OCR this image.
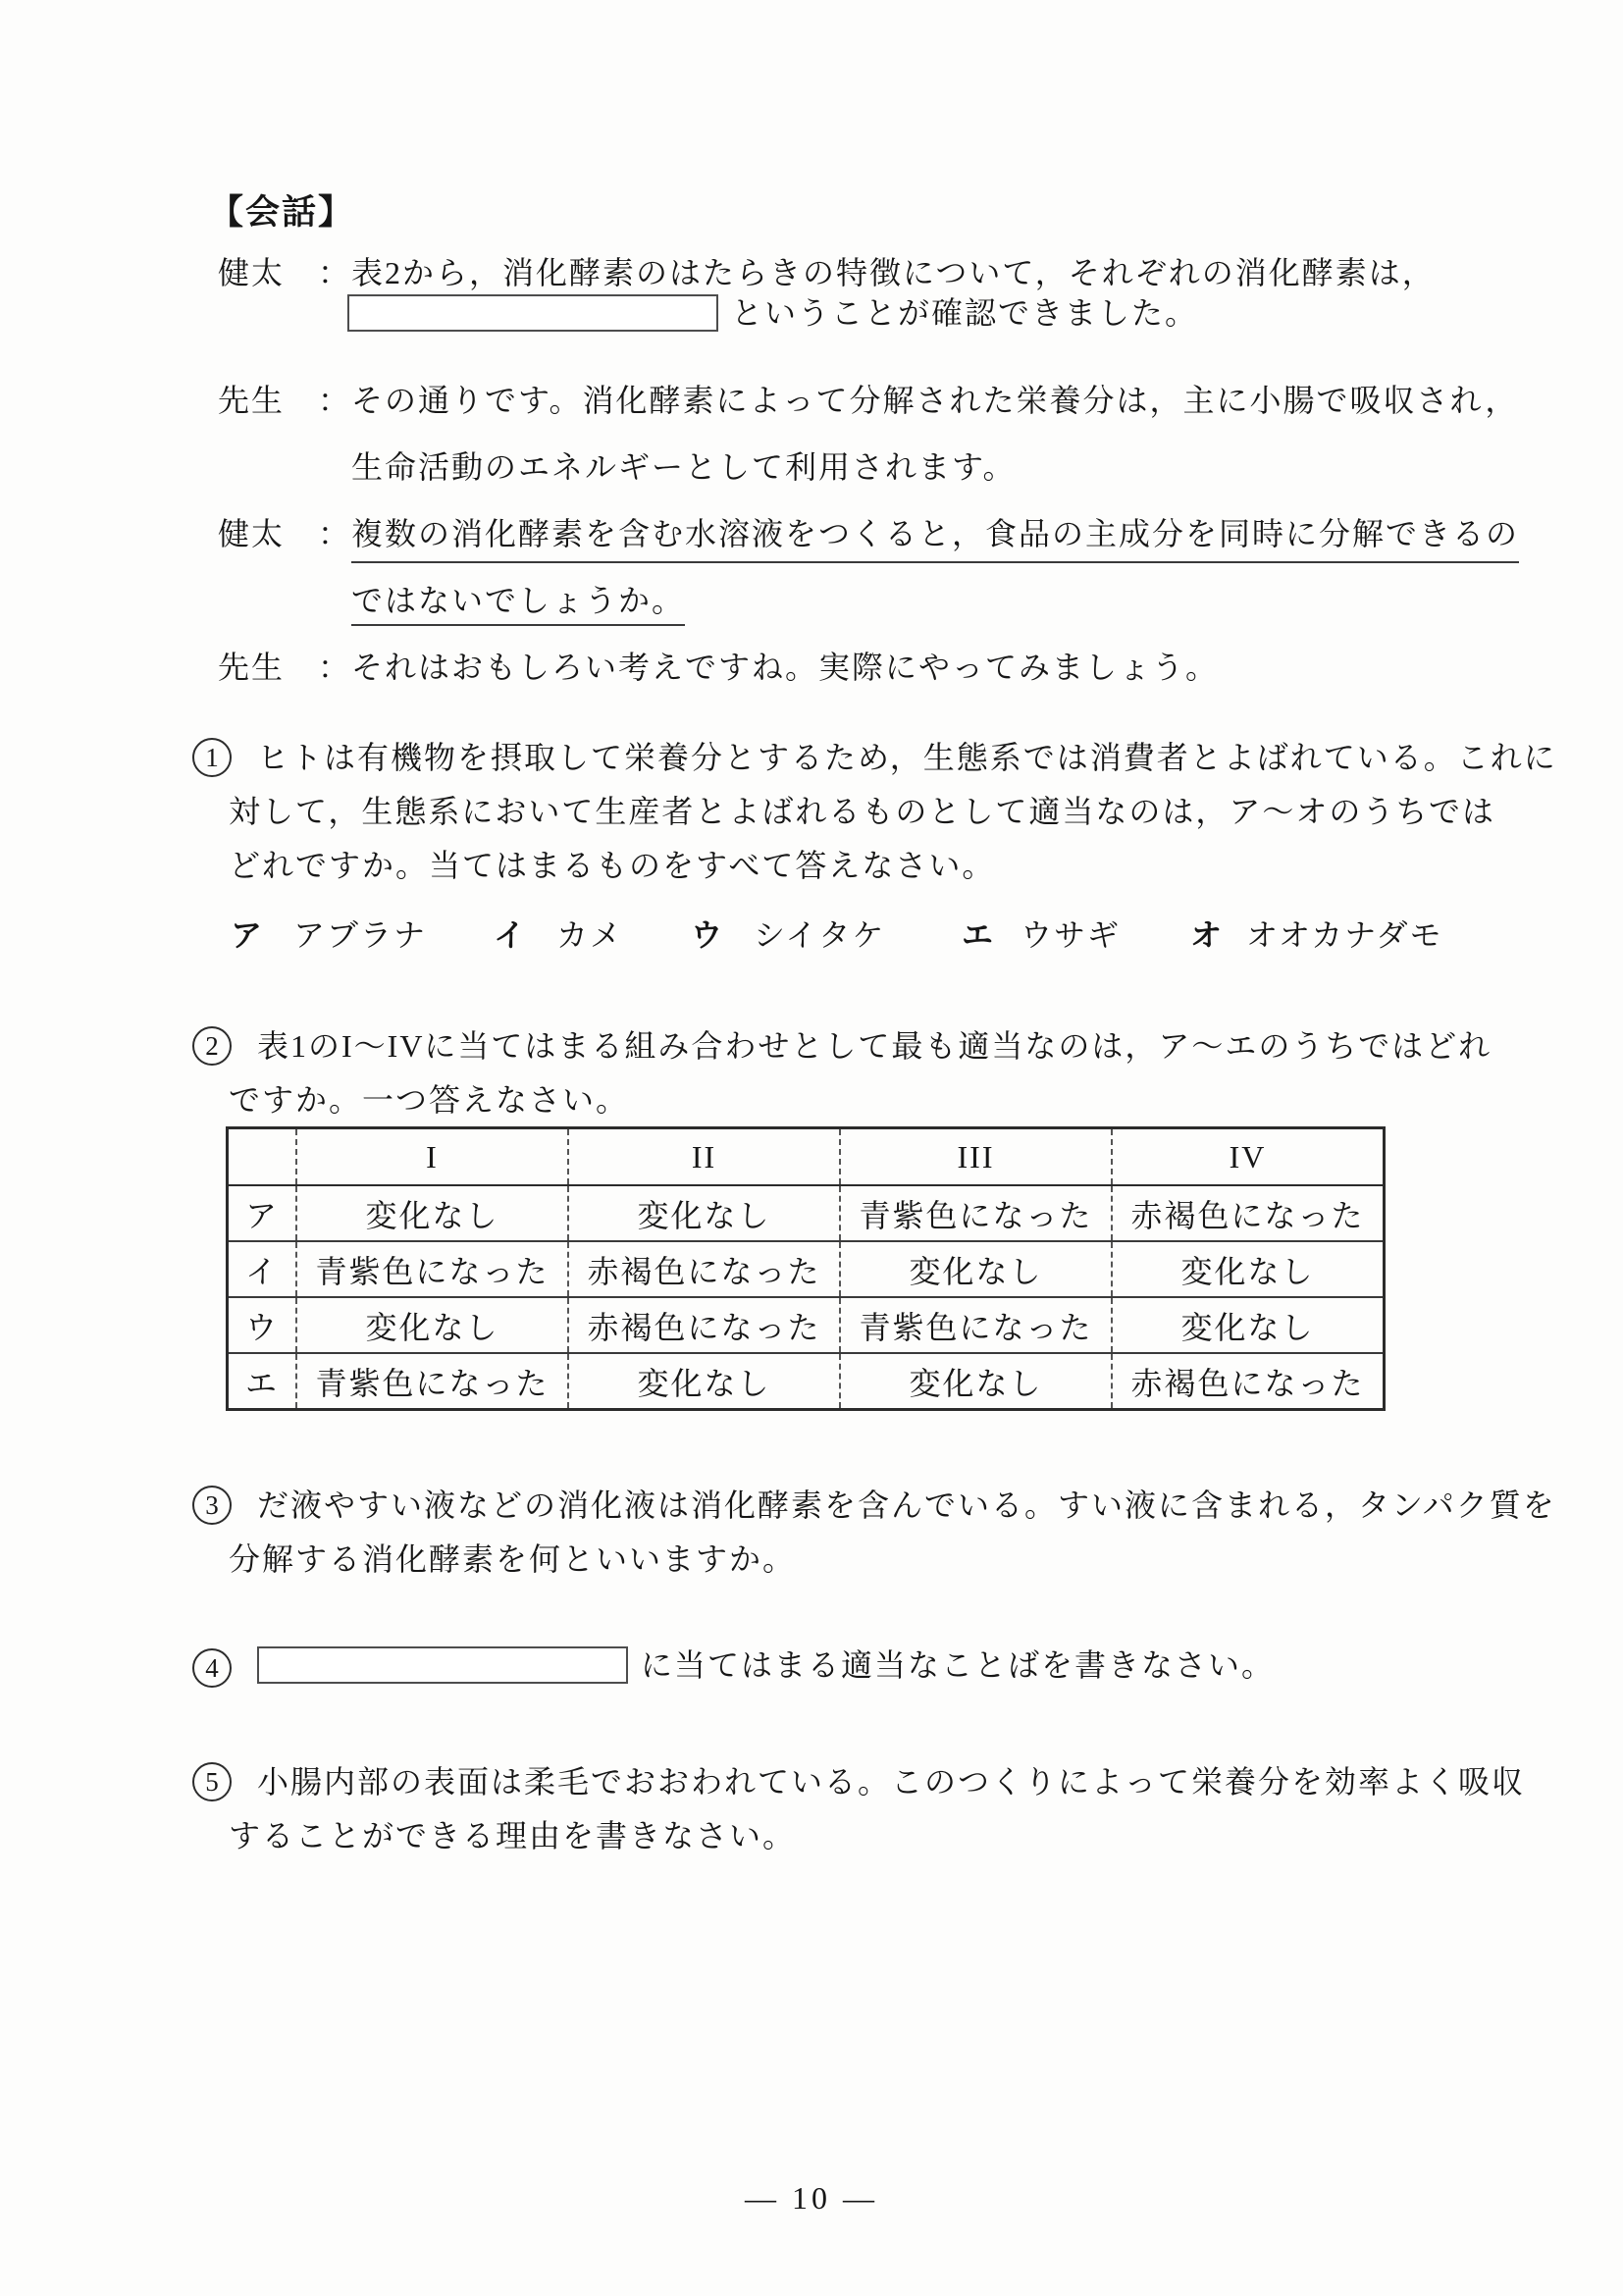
【会話】
健太	： 表2から，消化酵素のはたらきの特徴について，それぞれの消化酵素は，
ということが確認できました。
先生	： その通りです。消化酵素によって分解された栄養分は，主に小腸で吸収され，
生命活動のエネルギーとして利用されます。
健太	： 複数の消化酵素を含む水溶液をつくると，食品の主成分を同時に分解できるの
ではないでしょうか。
先生	： それはおもしろい考えですね。実際にやってみましょう。
1	ヒトは有機物を摂取して栄養分とするため，生態系では消費者とよばれている。これに
対して，生態系において生産者とよばれるものとして適当なのは，ア～オのうちでは
どれですか。当てはまるものをすべて答えなさい。
ア アブラナ イ カメ ウ シイタケ エ ウサギ オ オオカナダモ
2	表1のI～IVに当てはまる組み合わせとして最も適当なのは，ア～エのうちではどれ
ですか。一つ答えなさい。
	I	II	III	IV
ア	変化なし	変化なし	青紫色になった	赤褐色になった
イ	青紫色になった	赤褐色になった	変化なし	変化なし
ウ	変化なし	赤褐色になった	青紫色になった	変化なし
エ	青紫色になった	変化なし	変化なし	赤褐色になった
3	だ液やすい液などの消化液は消化酵素を含んでいる。すい液に含まれる，タンパク質を
分解する消化酵素を何といいますか。
4	に当てはまる適当なことばを書きなさい。
5	小腸内部の表面は柔毛でおおわれている。このつくりによって栄養分を効率よく吸収
することができる理由を書きなさい。
— 10 —
